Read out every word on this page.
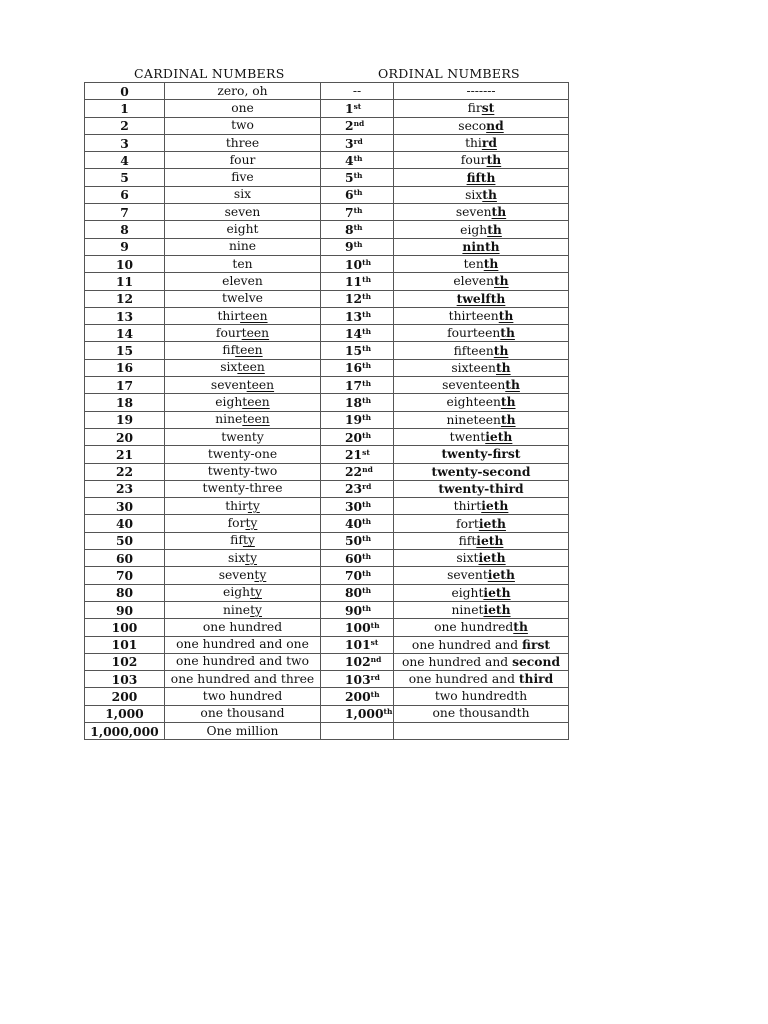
CARDINAL NUMBERS	ORDINAL NUMBERS
0	zero, oh	--	-------
1	one	1st	first
2	two	2nd	second
3	three	3rd	third
4	four	4th	fourth
5	five	5th	fifth
6	six	6th	sixth
7	seven	7th	seventh
8	eight	8th	eighth
9	nine	9th	ninth
10	ten	10th	tenth
11	eleven	11th	eleventh
12	twelve	12th	twelfth
13	thirteen	13th	thirteenth
14	fourteen	14th	fourteenth
15	fifteen	15th	fifteenth
16	sixteen	16th	sixteenth
17	seventeen	17th	seventeenth
18	eighteen	18th	eighteenth
19	nineteen	19th	nineteenth
20	twenty	20th	twentieth
21	twenty-one	21st	twenty-first
22	twenty-two	22nd	twenty-second
23	twenty-three	23rd	twenty-third
30	thirty	30th	thirtieth
40	forty	40th	fortieth
50	fifty	50th	fiftieth
60	sixty	60th	sixtieth
70	seventy	70th	seventieth
80	eighty	80th	eightieth
90	ninety	90th	ninetieth
100	one hundred	100th	one hundredth
101	one hundred and one	101st	one hundred and first
102	one hundred and two	102nd	one hundred and second
103	one hundred and three	103rd	one hundred and third
200	two hundred	200th	two hundredth
1,000	one thousand	1,000th	one thousandth
1,000,000	One million		
